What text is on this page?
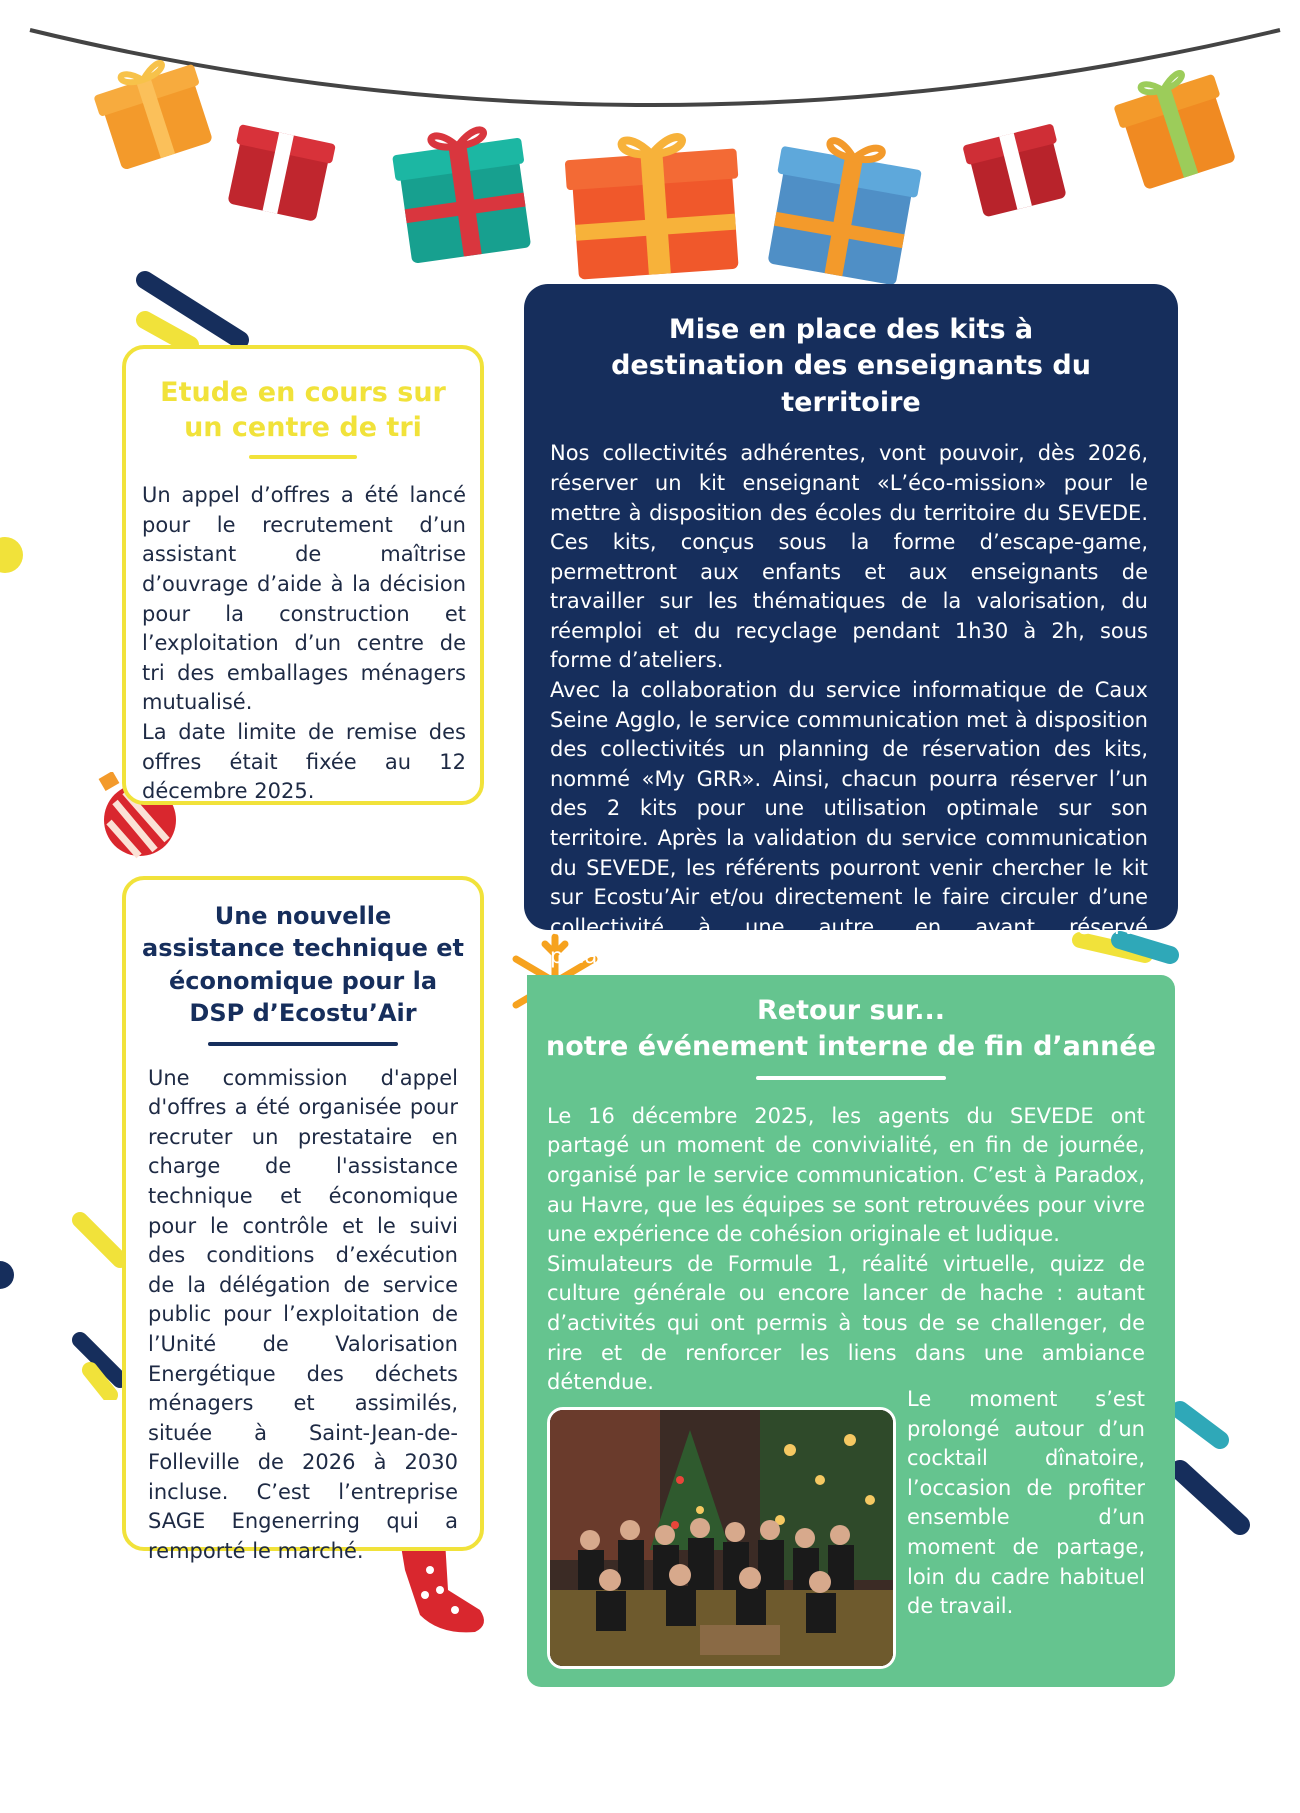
Etude en cours sur un centre de tri

Un appel d’offres a été lancé pour le recrutement d’un assistant de maîtrise d’ouvrage d’aide à la décision pour la construction et l’exploitation d’un centre de tri des emballages ménagers mutualisé.

La date limite de remise des offres était fixée au 12 décembre 2025.

Une nouvelle assistance technique et économique pour la DSP d’Ecostu’Air

Une commission d'appel d'offres a été organisée pour recruter un prestataire en charge de l'assistance technique et économique pour le contrôle et le suivi des conditions d’exécution de la délégation de service public pour l’exploitation de l’Unité de Valorisation Energétique des déchets ménagers et assimilés, située à Saint-Jean-de-Folleville de 2026 à 2030 incluse. C’est l’entreprise SAGE Engenerring qui a remporté le marché.

Mise en place des kits à destination des enseignants du territoire

Nos collectivités adhérentes, vont pouvoir, dès 2026, réserver un kit enseignant «L’éco-mission» pour le mettre à disposition des écoles du territoire du SEVEDE. Ces kits, conçus sous la forme d’escape-game, permettront aux enfants et aux enseignants de travailler sur les thématiques de la valorisation, du réemploi et du recyclage pendant 1h30 à 2h, sous forme d’ateliers.

Avec la collaboration du service informatique de Caux Seine Agglo, le service communication met à disposition des collectivités un planning de réservation des kits, nommé «My GRR». Ainsi, chacun pourra réserver l’un des 2 kits pour une utilisation optimale sur son territoire. Après la validation du service communication du SEVEDE, les référents pourront venir chercher le kit sur Ecostu’Air et/ou directement le faire circuler d’une collectivité à une autre, en ayant réservé préalablement.

Retour sur...
notre événement interne de fin d’année

Le 16 décembre 2025, les agents du SEVEDE ont partagé un moment de convivialité, en fin de journée, organisé par le service communication. C’est à Paradox, au Havre, que les équipes se sont retrouvées pour vivre une expérience de cohésion originale et ludique.

Simulateurs de Formule 1, réalité virtuelle, quizz de culture générale ou encore lancer de hache : autant d’activités qui ont permis à tous de se challenger, de rire et de renforcer les liens dans une ambiance détendue.

Le moment s’est prolongé autour d’un cocktail dînatoire, l’occasion de profiter ensemble d’un moment de partage, loin du cadre habituel de travail.
